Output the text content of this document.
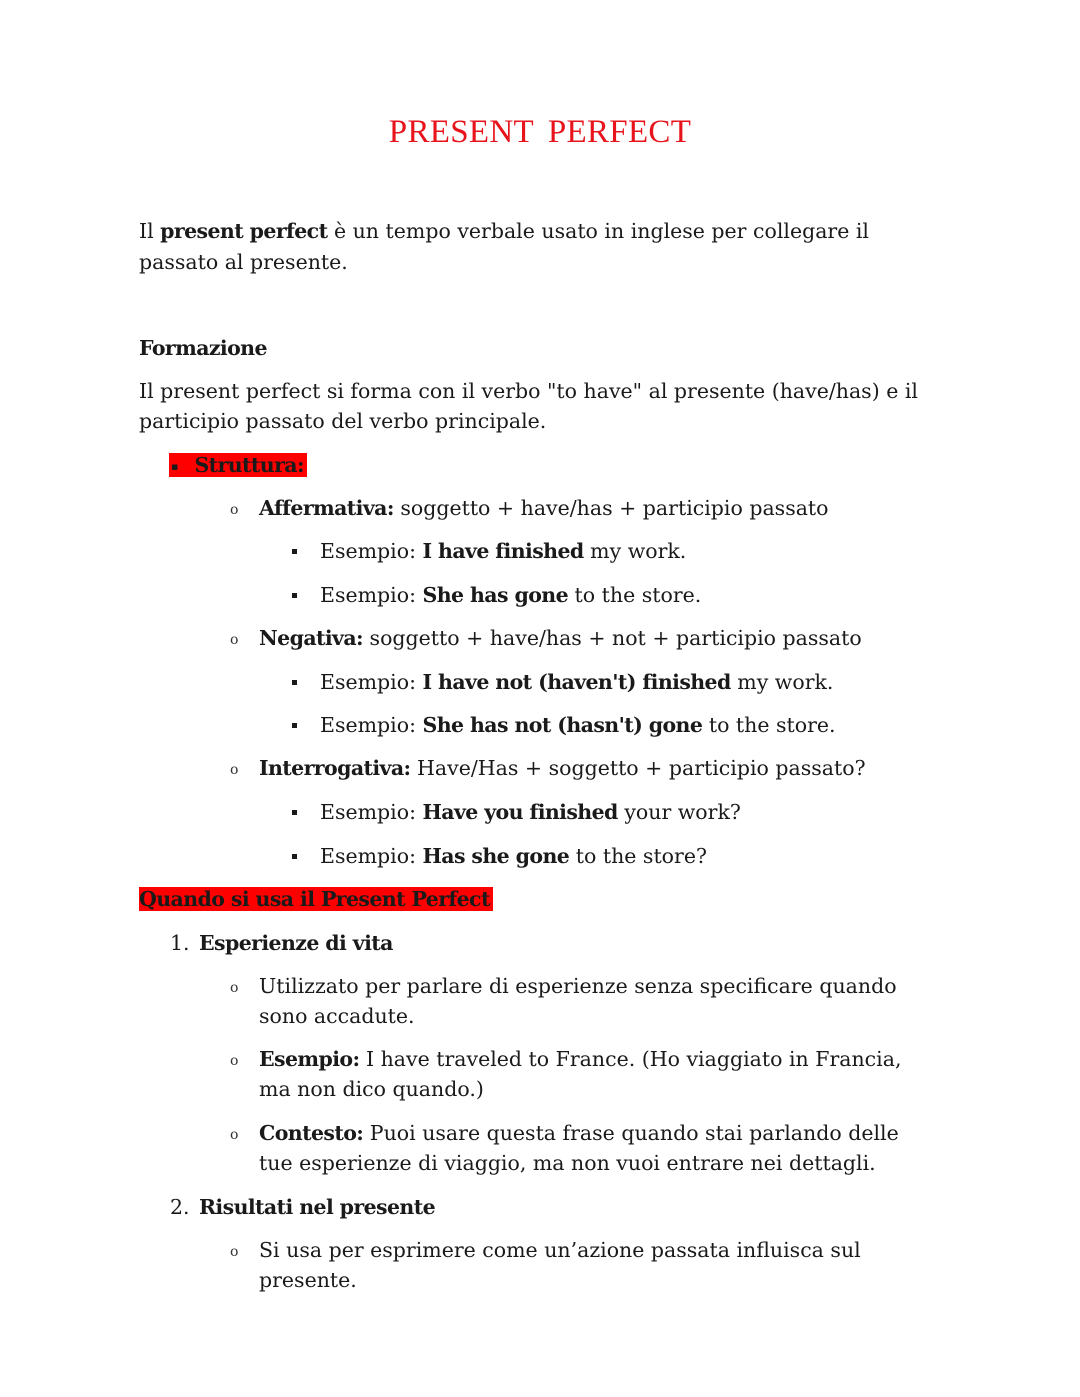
PRESENT PERFECT
Il present perfect è un tempo verbale usato in inglese per collegare il
passato al presente.
Formazione
Il present perfect si forma con il verbo "to have" al presente (have/has) e il
participio passato del verbo principale.
▪ Struttura:
o Affermativa: soggetto + have/has + participio passato
Esempio: I have finished my work.
Esempio: She has gone to the store.
o Negativa: soggetto + have/has + not + participio passato
Esempio: I have not (haven't) finished my work.
Esempio: She has not (hasn't) gone to the store.
o Interrogativa: Have/Has + soggetto + participio passato?
Esempio: Have you finished your work?
Esempio: Has she gone to the store?
Quando si usa il Present Perfect
1. Esperienze di vita
o Utilizzato per parlare di esperienze senza specificare quando
sono accadute.
o Esempio: I have traveled to France. (Ho viaggiato in Francia,
ma non dico quando.)
o Contesto: Puoi usare questa frase quando stai parlando delle
tue esperienze di viaggio, ma non vuoi entrare nei dettagli.
2. Risultati nel presente
o Si usa per esprimere come un’azione passata influisca sul
presente.
